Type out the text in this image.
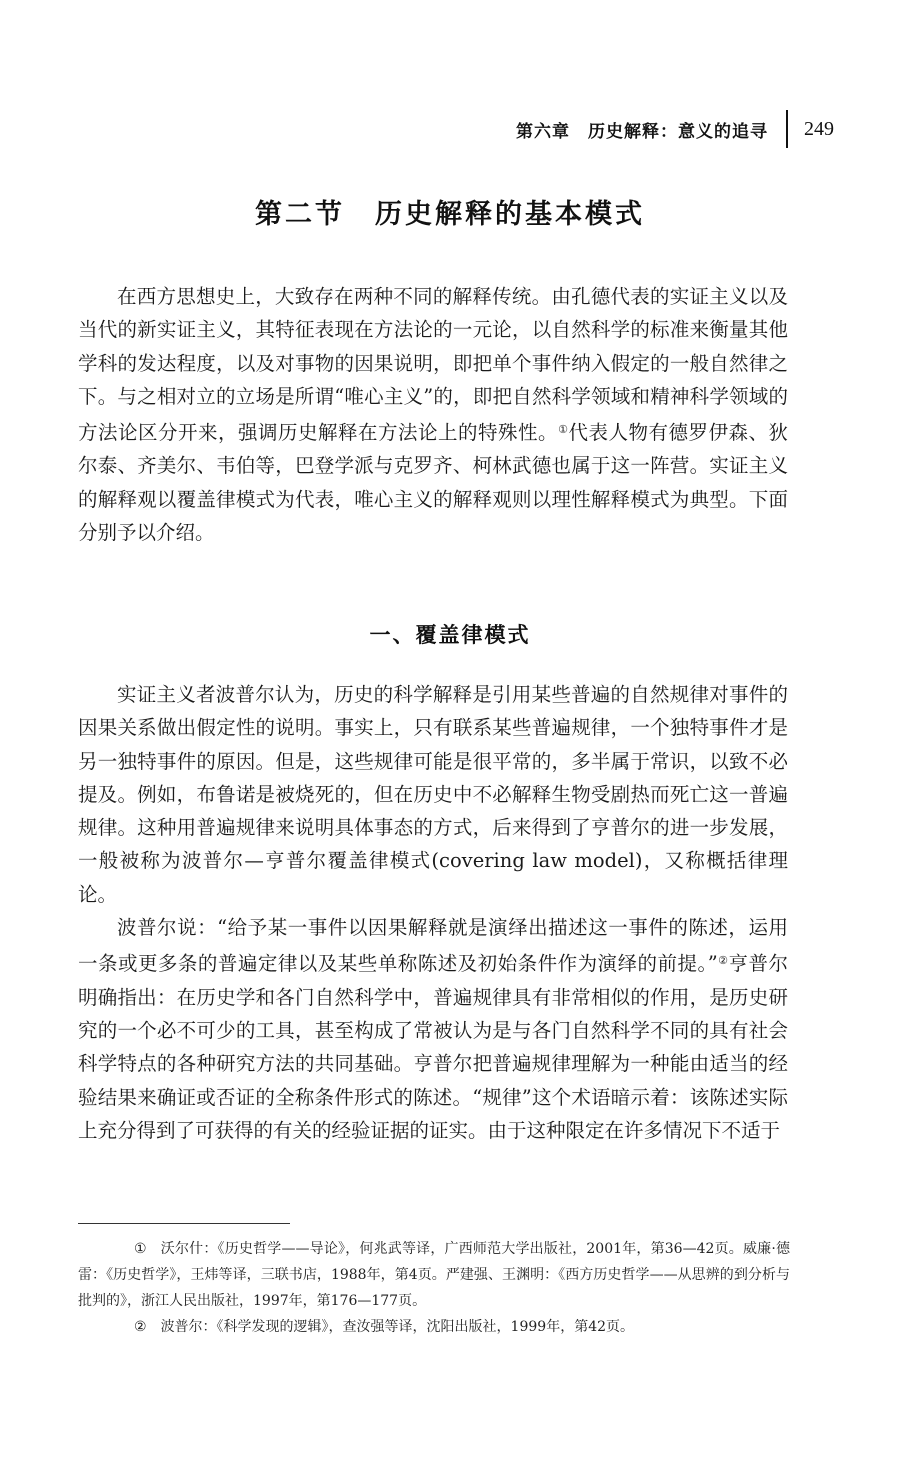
第六章　历史解释：意义的追寻 249
第二节　历史解释的基本模式

在西方思想史上，大致存在两种不同的解释传统。由孔德代表的实证主义以及当代的新实证主义，其特征表现在方法论的一元论，以自然科学的标准来衡量其他学科的发达程度，以及对事物的因果说明，即把单个事件纳入假定的一般自然律之下。与之相对立的立场是所谓“唯心主义”的，即把自然科学领域和精神科学领域的方法论区分开来，强调历史解释在方法论上的特殊性。①代表人物有德罗伊森、狄尔泰、齐美尔、韦伯等，巴登学派与克罗齐、柯林武德也属于这一阵营。实证主义的解释观以覆盖律模式为代表，唯心主义的解释观则以理性解释模式为典型。下面分别予以介绍。

一、覆盖律模式

实证主义者波普尔认为，历史的科学解释是引用某些普遍的自然规律对事件的因果关系做出假定性的说明。事实上，只有联系某些普遍规律，一个独特事件才是另一独特事件的原因。但是，这些规律可能是很平常的，多半属于常识，以致不必提及。例如，布鲁诺是被烧死的，但在历史中不必解释生物受剧热而死亡这一普遍规律。这种用普遍规律来说明具体事态的方式，后来得到了亨普尔的进一步发展，一般被称为波普尔—亨普尔覆盖律模式(covering law model)，又称概括律理论。

波普尔说：“给予某一事件以因果解释就是演绎出描述这一事件的陈述，运用一条或更多条的普遍定律以及某些单称陈述及初始条件作为演绎的前提。”②亨普尔明确指出：在历史学和各门自然科学中，普遍规律具有非常相似的作用，是历史研究的一个必不可少的工具，甚至构成了常被认为是与各门自然科学不同的具有社会科学特点的各种研究方法的共同基础。亨普尔把普遍规律理解为一种能由适当的经验结果来确证或否证的全称条件形式的陈述。“规律”这个术语暗示着：该陈述实际上充分得到了可获得的有关的经验证据的证实。由于这种限定在许多情况下不适于

① 沃尔什：《历史哲学——导论》，何兆武等译，广西师范大学出版社，2001年，第36—42页。威廉·德雷：《历史哲学》，王炜等译，三联书店，1988年，第4页。严建强、王渊明：《西方历史哲学——从思辨的到分析与批判的》，浙江人民出版社，1997年，第176—177页。

② 波普尔：《科学发现的逻辑》，查汝强等译，沈阳出版社，1999年，第42页。
